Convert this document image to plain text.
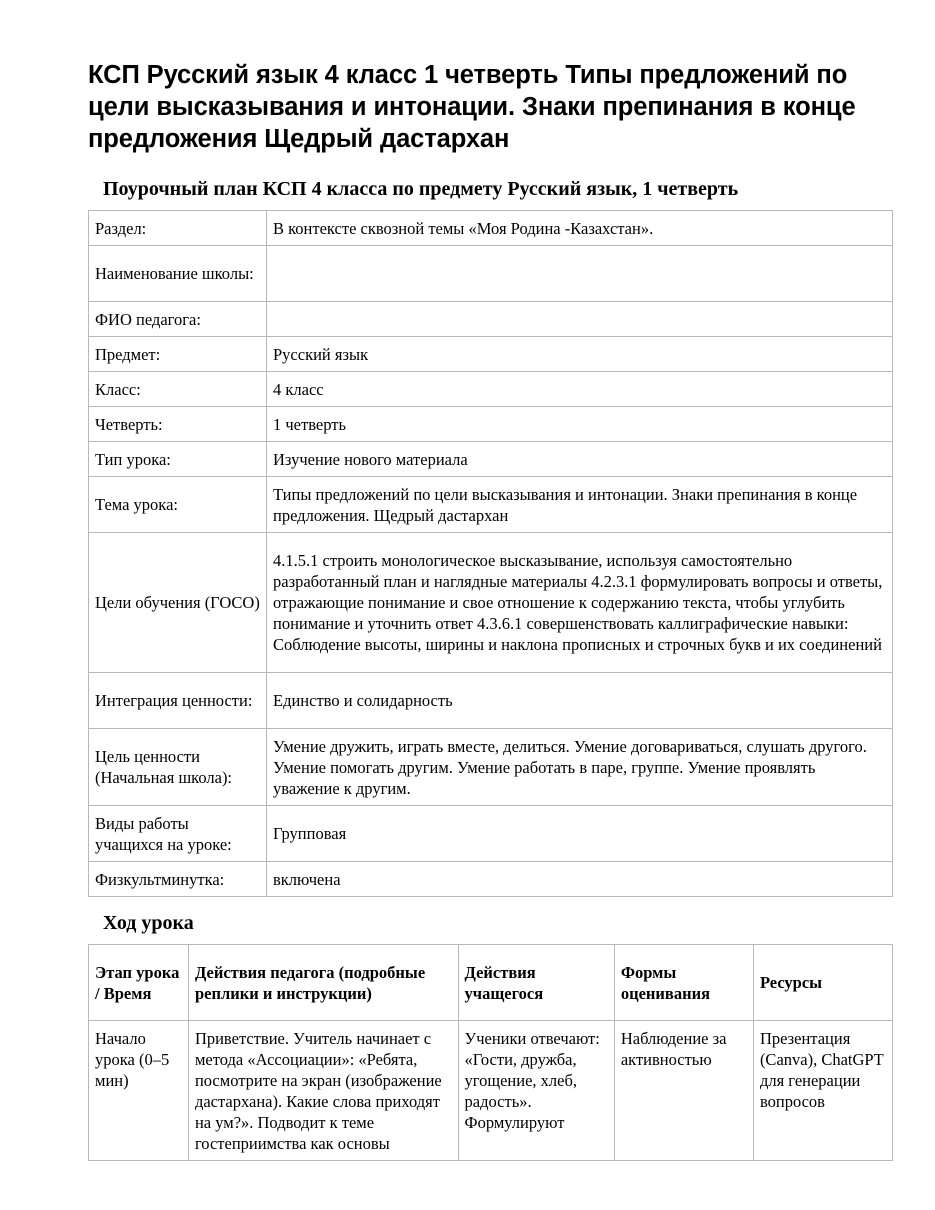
КСП Русский язык 4 класс 1 четверть Типы предложений по цели высказывания и интонации. Знаки препинания в конце предложения Щедрый дастархан
Поурочный план КСП 4 класса по предмету Русский язык, 1 четверть
Раздел:	В контексте сквозной темы «Моя Родина -Казахстан».
Наименование школы:	
ФИО педагога:	
Предмет:	Русский язык
Класс:	4 класс
Четверть:	1 четверть
Тип урока:	Изучение нового материала
Тема урока:	Типы предложений по цели высказывания и интонации. Знаки препинания в конце предложения. Щедрый дастархан
Цели обучения (ГОСО)	4.1.5.1 строить монологическое высказывание, используя самостоятельно разработанный план и наглядные материалы 4.2.3.1 формулировать вопросы и ответы, отражающие понимание и свое отношение к содержанию текста, чтобы углубить понимание и уточнить ответ 4.3.6.1 совершенствовать каллиграфические навыки: Соблюдение высоты, ширины и наклона прописных и строчных букв и их соединений
Интеграция ценности:	Единство и солидарность
Цель ценности (Начальная школа):	Умение дружить, играть вместе, делиться. Умение договариваться, слушать другого. Умение помогать другим. Умение работать в паре, группе. Умение проявлять уважение к другим.
Виды работы учащихся на уроке:	Групповая
Физкультминутка:	включена
Ход урока
Этап урока / Время	Действия педагога (подробные реплики и инструкции)	Действия учащегося	Формы оценивания	Ресурсы
Начало урока (0–5 мин)	Приветствие. Учитель начинает с метода «Ассоциации»: «Ребята, посмотрите на экран (изображение дастархана). Какие слова приходят на ум?». Подводит к теме гостеприимства как основы	Ученики отвечают: «Гости, дружба, угощение, хлеб, радость». Формулируют	Наблюдение за активностью	Презентация (Canva), ChatGPT для генерации вопросов
